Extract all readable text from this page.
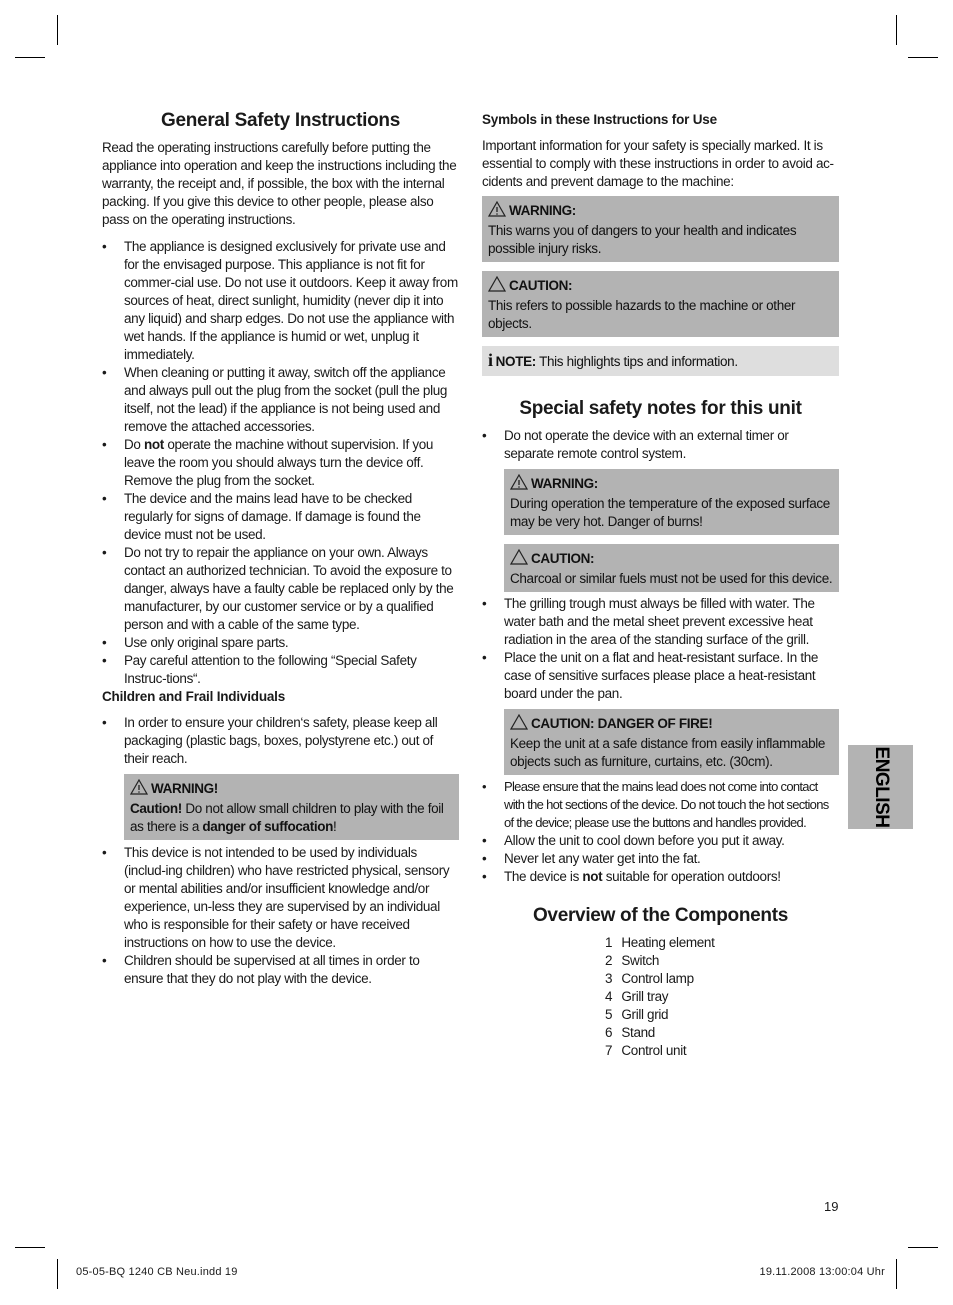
General Safety Instructions
Read the operating instructions carefully before putting the appliance into operation and keep the instructions including the warranty, the receipt and, if possible, the box with the internal packing. If you give this device to other people, please also pass on the operating instructions.
• The appliance is designed exclusively for private use and for the envisaged purpose. This appliance is not fit for commer-cial use. Do not use it outdoors. Keep it away from sources of heat, direct sunlight, humidity (never dip it into any liquid) and sharp edges. Do not use the appliance with wet hands. If the appliance is humid or wet, unplug it immediately.
• When cleaning or putting it away, switch off the appliance and always pull out the plug from the socket (pull the plug itself, not the lead) if the appliance is not being used and remove the attached accessories.
• Do not operate the machine without supervision. If you leave the room you should always turn the device off. Remove the plug from the socket.
• The device and the mains lead have to be checked regularly for signs of damage. If damage is found the device must not be used.
• Do not try to repair the appliance on your own. Always contact an authorized technician. To avoid the exposure to danger, always have a faulty cable be replaced only by the manufacturer, by our customer service or by a qualified person and with a cable of the same type.
• Use only original spare parts.
• Pay careful attention to the following “Special Safety Instruc-tions“.
Children and Frail Individuals
• In order to ensure your children‘s safety, please keep all packaging (plastic bags, boxes, polystyrene etc.) out of their reach.
WARNING!
Caution! Do not allow small children to play with the foil as there is a danger of suffocation!
• This device is not intended to be used by individuals (includ-ing children) who have restricted physical, sensory or mental abilities and/or insufficient knowledge and/or experience, un-less they are supervised by an individual who is responsible for their safety or have received instructions on how to use the device.
• Children should be supervised at all times in order to ensure that they do not play with the device.
Symbols in these Instructions for Use
Important information for your safety is specially marked. It is essential to comply with these instructions in order to avoid ac-cidents and prevent damage to the machine:
WARNING:
This warns you of dangers to your health and indicates possible injury risks.
CAUTION:
This refers to possible hazards to the machine or other objects.
i NOTE: This highlights tips and information.
Special safety notes for this unit
• Do not operate the device with an external timer or separate remote control system.
WARNING:
During operation the temperature of the exposed surface may be very hot. Danger of burns!
CAUTION:
Charcoal or similar fuels must not be used for this device.
• The grilling trough must always be filled with water. The water bath and the metal sheet prevent excessive heat radiation in the area of the standing surface of the grill.
• Place the unit on a flat and heat-resistant surface. In the case of sensitive surfaces please place a heat-resistant board under the pan.
CAUTION: DANGER OF FIRE!
Keep the unit at a safe distance from easily inflammable objects such as furniture, curtains, etc. (30cm).
• Please ensure that the mains lead does not come into contact with the hot sections of the device. Do not touch the hot sections of the device; please use the buttons and handles provided.
• Allow the unit to cool down before you put it away.
• Never let any water get into the fat.
• The device is not suitable for operation outdoors!
Overview of the Components
1 Heating element
2 Switch
3 Control lamp
4 Grill tray
5 Grill grid
6 Stand
7 Control unit
ENGLISH
19
05-05-BQ 1240 CB Neu.indd 19	19.11.2008 13:00:04 Uhr
